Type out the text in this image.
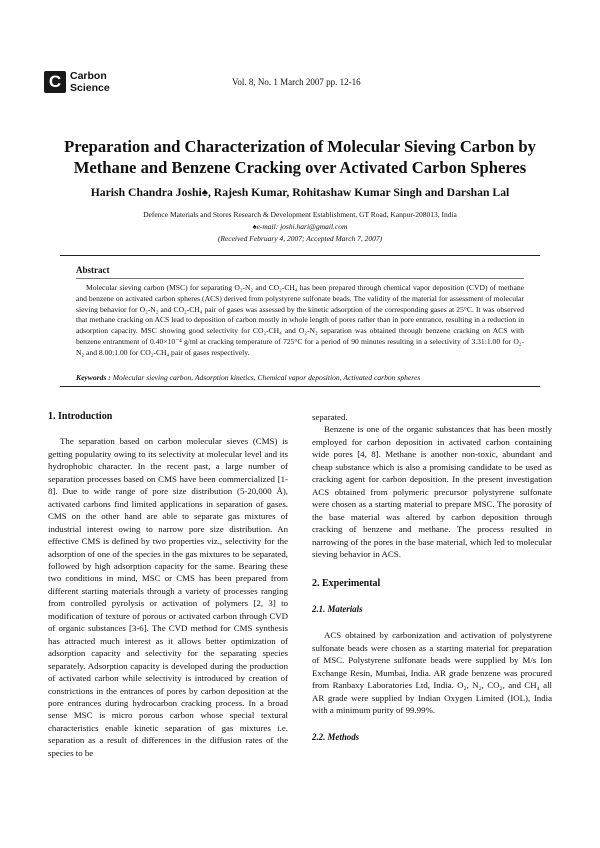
C Carbon
Science	Vol. 8, No. 1 March 2007 pp. 12-16
Preparation and Characterization of Molecular Sieving Carbon by
Methane and Benzene Cracking over Activated Carbon Spheres
Harish Chandra Joshi♠, Rajesh Kumar, Rohitashaw Kumar Singh and Darshan Lal
Defence Materials and Stores Research & Development Establishment, GT Road, Kanpur-208013, India
♠e-mail: joshi.hari@gmail.com
(Received February 4, 2007; Accepted March 7, 2007)
Abstract
Molecular sieving carbon (MSC) for separating O₂-N₂ and CO₂-CH₄ has been prepared through chemical vapor deposition (CVD) of methane and benzene on activated carbon spheres (ACS) derived from polystyrene sulfonate beads. The validity of the material for assessment of molecular sieving behavior for O₂-N₂ and CO₂-CH₄ pair of gases was assessed by the kinetic adsorption of the corresponding gases at 25°C. It was observed that methane cracking on ACS lead to deposition of carbon mostly in whole length of pores rather than in pore entrance, resulting in a reduction in adsorption capacity. MSC showing good selectivity for CO₂-CH₄ and O₂-N₂ separation was obtained through benzene cracking on ACS with benzene entrantment of 0.40×10⁻⁴ g/ml at cracking temperature of 725°C for a period of 90 minutes resulting in a selectivity of 3.31:1.00 for O₂-N₂ and 8.00:1.00 for CO₂-CH₄ pair of gases respectively.
Keywords : Molecular sieving carbon, Adsorption kinetics, Chemical vapor deposition, Activated carbon spheres
1. Introduction

The separation based on carbon molecular sieves (CMS) is getting popularity owing to its selectivity at molecular level and its hydrophobic character. In the recent past, a large number of separation processes based on CMS have been commercialized [1-8]. Due to wide range of pore size distribution (5-20,000 Å), activated carbons find limited applications in separation of gases. CMS on the other hand are able to separate gas mixtures of industrial interest owing to narrow pore size distribution. An effective CMS is defined by two properties viz., selectivity for the adsorption of one of the species in the gas mixtures to be separated, followed by high adsorption capacity for the same. Bearing these two conditions in mind, MSC or CMS has been prepared from different starting materials through a variety of processes ranging from controlled pyrolysis or activation of polymers [2, 3] to modification of texture of porous or activated carbon through CVD of organic substances [3-6]. The CVD method for CMS synthesis has attracted much interest as it allows better optimization of adsorption capacity and selectivity for the separating species separately. Adsorption capacity is developed during the production of activated carbon while selectivity is introduced by creation of constrictions in the entrances of pores by carbon deposition at the pore entrances during hydrocarbon cracking process. In a broad sense MSC is micro porous carbon whose special textural characteristics enable kinetic separation of gas mixtures i.e. separation as a result of differences in the diffusion rates of the species to be

separated.

Benzene is one of the organic substances that has been mostly employed for carbon deposition in activated carbon containing wide pores [4, 8]. Methane is another non-toxic, abundant and cheap substance which is also a promising candidate to be used as cracking agent for carbon deposition. In the present investigation ACS obtained from polymeric precursor polystyrene sulfonate were chosen as a starting material to prepare MSC. The porosity of the base material was altered by carbon deposition through cracking of benzene and methane. The process resulted in narrowing of the pores in the base material, which led to molecular sieving behavior in ACS.

2. Experimental
2.1. Materials

ACS obtained by carbonization and activation of polystyrene sulfonate beads were chosen as a starting material for preparation of MSC. Polystyrene sulfonate beads were supplied by M/s Ion Exchange Resin, Mumbai, India. AR grade benzene was procured from Ranbaxy Laboratories Ltd, India. O₂, N₂, CO₂, and CH₄ all AR grade were supplied by Indian Oxygen Limited (IOL), India with a minimum purity of 99.99%.

2.2. Methods
